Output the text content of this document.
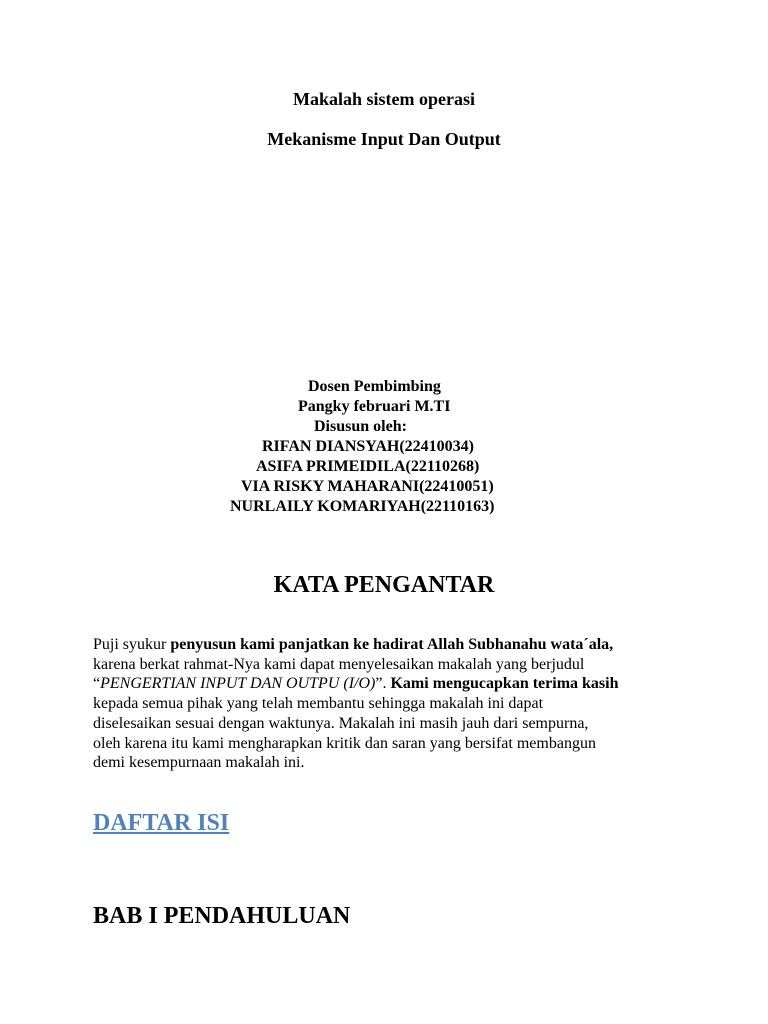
Makalah sistem operasi
Mekanisme Input Dan Output
Dosen Pembimbing
Pangky februari M.TI
Disusun oleh:
RIFAN DIANSYAH(22410034)
ASIFA PRIMEIDILA(22110268)
VIA RISKY MAHARANI(22410051)
NURLAILY KOMARIYAH(22110163)
KATA PENGANTAR
Puji syukur penyusun kami panjatkan ke hadirat Allah Subhanahu wata´ala,
karena berkat rahmat-Nya kami dapat menyelesaikan makalah yang berjudul
“PENGERTIAN INPUT DAN OUTPU (I/O)”. Kami mengucapkan terima kasih
kepada semua pihak yang telah membantu sehingga makalah ini dapat
diselesaikan sesuai dengan waktunya. Makalah ini masih jauh dari sempurna,
oleh karena itu kami mengharapkan kritik dan saran yang bersifat membangun
demi kesempurnaan makalah ini.
DAFTAR ISI
BAB I PENDAHULUAN
